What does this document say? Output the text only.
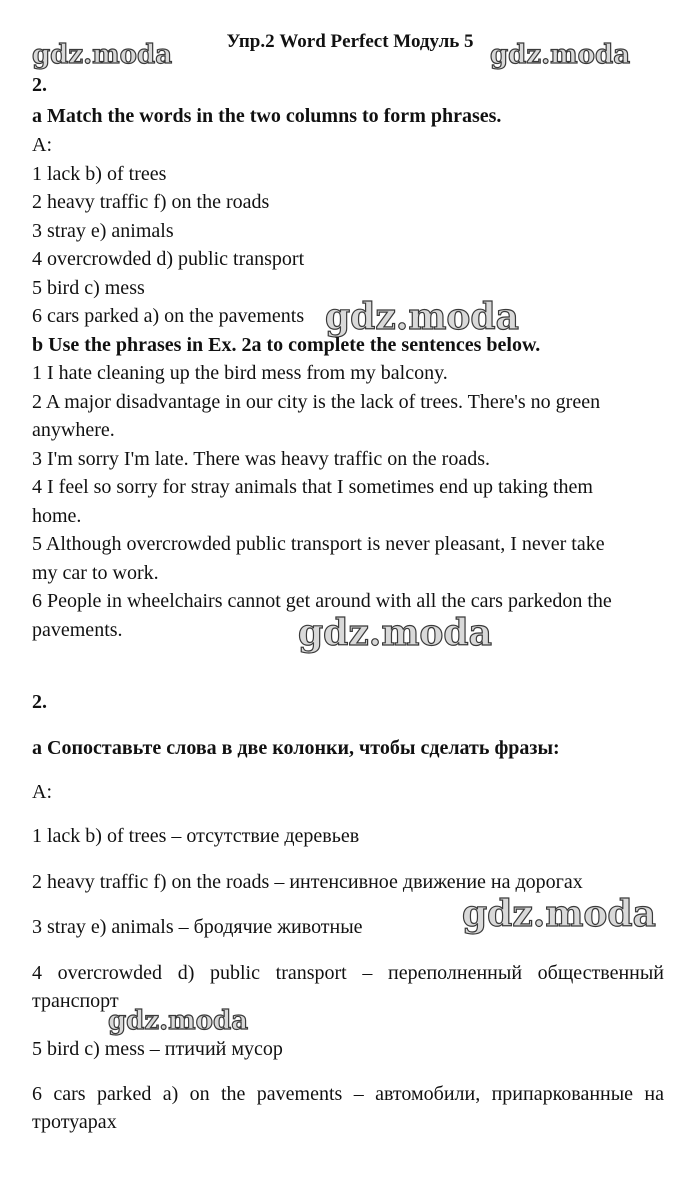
Упр.2 Word Perfect Модуль 5
gdz.moda	gdz.moda
gdz.moda
gdz.moda
gdz.moda
gdz.moda
2.
a Match the words in the two columns to form phrases.
A:
1 lack b) of trees
2 heavy traffic f) on the roads
3 stray e) animals
4 overcrowded d) public transport
5 bird c) mess
6 cars parked a) on the pavements
b Use the phrases in Ex. 2a to complete the sentences below.
1 I hate cleaning up the bird mess from my balcony.
2 A major disadvantage in our city is the lack of trees. There's no green
anywhere.
3 I'm sorry I'm late. There was heavy traffic on the roads.
4 I feel so sorry for stray animals that I sometimes end up taking them
home.
5 Although overcrowded public transport is never pleasant, I never take
my car to work.
6 People in wheelchairs cannot get around with all the cars parkedon the
pavements.
2.
a Сопоставьте слова в две колонки, чтобы сделать фразы:
A:
1 lack b) of trees – отсутствие деревьев
2 heavy traffic f) on the roads – интенсивное движение на дорогах
3 stray e) animals – бродячие животные
4 overcrowded d) public transport – переполненный общественный
транспорт
5 bird c) mess – птичий мусор
6 cars parked a) on the pavements – автомобили, припаркованные на
тротуарах
